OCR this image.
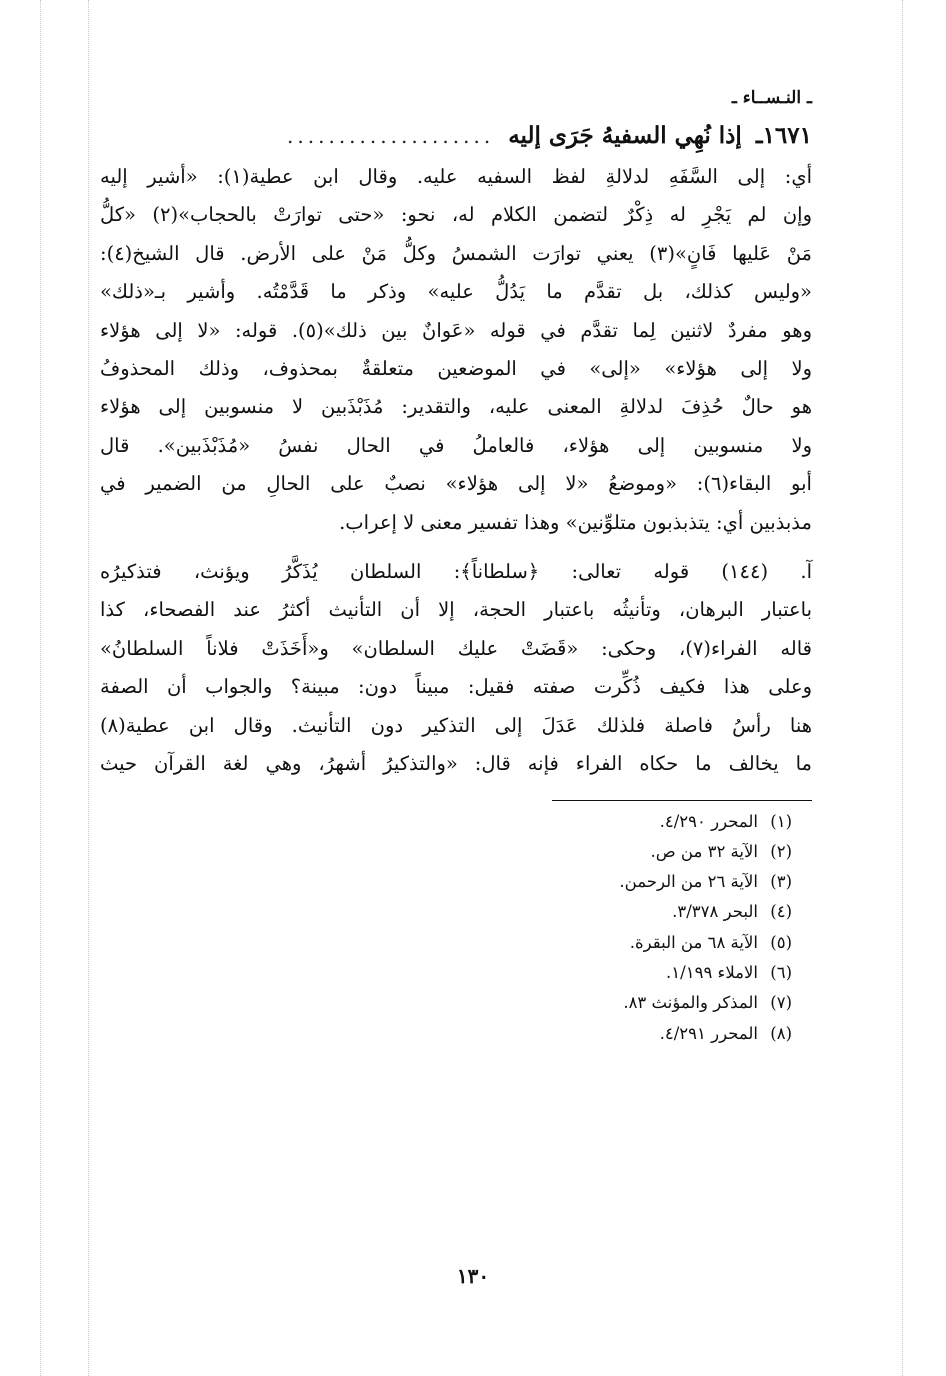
ـ النـســاء ـ
١٦٧١ـ
إذا نُهِي السفيهُ جَرَى إليه
....................

أي: إلى السَّفَهِ لدلالةِ لفظ السفيه عليه. وقال ابن عطية(١): «أشير إليه

وإن لم يَجْرِ له ذِكْرٌ لتضمن الكلام له، نحو: «حتى توارَتْ بالحجاب»(٢) «كلُّ

مَنْ عَليها فَانٍ»(٣) يعني توارَت الشمسُ وكلُّ مَنْ على الأرض. قال الشيخ(٤):

«وليس كذلك، بل تقدَّم ما يَدُلُّ عليه» وذكر ما قَدَّمْتُه. وأشير بـ«ذلك»

وهو مفردٌ لاثنين لِما تقدَّم في قوله «عَوانٌ بين ذلك»(٥). قوله: «لا إلى هؤلاء

ولا إلى هؤلاء» «إلى» في الموضعين متعلقةٌ بمحذوف، وذلك المحذوفُ

هو حالٌ حُذِفَ لدلالةِ المعنى عليه، والتقدير: مُذَبْذَبين لا منسوبين إلى هؤلاء

ولا منسوبين إلى هؤلاء، فالعاملُ في الحال نفسُ «مُذَبْذَبين». قال

أبو البقاء(٦): «وموضعُ «لا إلى هؤلاء» نصبٌ على الحالِ من الضمير في

مذبذبين أي: يتذبذبون متلوِّنين» وهذا تفسير معنى لا إعراب.

آ. (١٤٤) قوله تعالى: ﴿سلطاناً﴾: السلطان يُذَكَّرُ ويؤنث، فتذكيرُه

باعتبار البرهان، وتأنيثُه باعتبار الحجة، إلا أن التأنيث أكثرُ عند الفصحاء، كذا

قاله الفراء(٧)، وحكى: «قَضَتْ عليك السلطان» و«أَخَذَتْ فلاناً السلطانُ»

وعلى هذا فكيف ذُكِّرت صفته فقيل: مبيناً دون: مبينة؟ والجواب أن الصفة

هنا رأسُ فاصلة فلذلك عَدَلَ إلى التذكير دون التأنيث. وقال ابن عطية(٨)

ما يخالف ما حكاه الفراء فإنه قال: «والتذكيرُ أشهرُ، وهي لغة القرآن حيث

(١)المحرر ٤/٢٩٠.
(٢)الآية ٣٢ من ص.
(٣)الآية ٢٦ من الرحمن.
(٤)البحر ٣/٣٧٨.
(٥)الآية ٦٨ من البقرة.
(٦)الاملاء ١/١٩٩.
(٧)المذكر والمؤنث ٨٣.
(٨)المحرر ٤/٢٩١.
١٣٠
